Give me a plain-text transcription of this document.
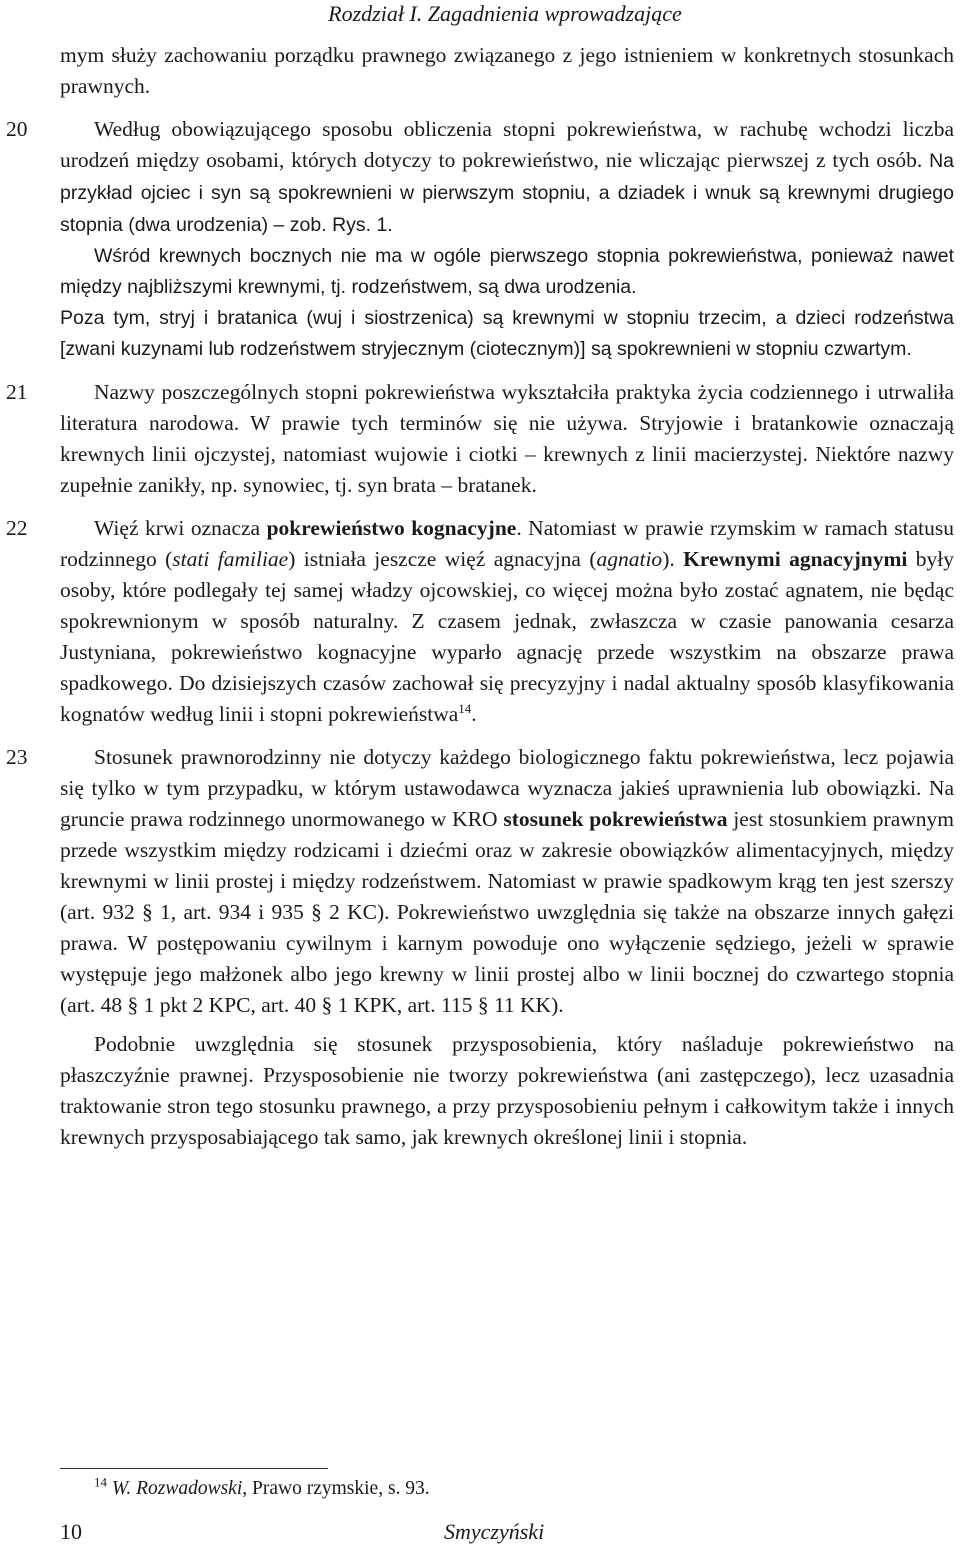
Rozdział I. Zagadnienia wprowadzające

mym służy zachowaniu porządku prawnego związanego z jego istnieniem w konkretnych stosunkach prawnych.

20	Według obowiązującego sposobu obliczenia stopni pokrewieństwa, w rachubę wchodzi liczba urodzeń między osobami, których dotyczy to pokrewieństwo, nie wliczając pierwszej z tych osób. Na przykład ojciec i syn są spokrewnieni w pierwszym stopniu, a dziadek i wnuk są krewnymi drugiego stopnia (dwa urodzenia) – zob. Rys. 1.

Wśród krewnych bocznych nie ma w ogóle pierwszego stopnia pokrewieństwa, ponieważ nawet między najbliższymi krewnymi, tj. rodzeństwem, są dwa urodzenia.

Poza tym, stryj i bratanica (wuj i siostrzenica) są krewnymi w stopniu trzecim, a dzieci rodzeństwa [zwani kuzynami lub rodzeństwem stryjecznym (ciotecznym)] są spokrewnieni w stopniu czwartym.

21	Nazwy poszczególnych stopni pokrewieństwa wykształciła praktyka życia codziennego i utrwaliła literatura narodowa. W prawie tych terminów się nie używa. Stryjowie i bratankowie oznaczają krewnych linii ojczystej, natomiast wujowie i ciotki – krewnych z linii macierzystej. Niektóre nazwy zupełnie zanikły, np. synowiec, tj. syn brata – bratanek.

22	Więź krwi oznacza pokrewieństwo kognacyjne. Natomiast w prawie rzymskim w ramach statusu rodzinnego (stati familiae) istniała jeszcze więź agnacyjna (agnatio). Krewnymi agnacyjnymi były osoby, które podlegały tej samej władzy ojcowskiej, co więcej można było zostać agnatem, nie będąc spokrewnionym w sposób naturalny. Z czasem jednak, zwłaszcza w czasie panowania cesarza Justyniana, pokrewieństwo kognacyjne wyparło agnację przede wszystkim na obszarze prawa spadkowego. Do dzisiejszych czasów zachował się precyzyjny i nadal aktualny sposób klasyfikowania kognatów według linii i stopni pokrewieństwa$^{14}$.

23	Stosunek prawnorodzinny nie dotyczy każdego biologicznego faktu pokrewieństwa, lecz pojawia się tylko w tym przypadku, w którym ustawodawca wyznacza jakieś uprawnienia lub obowiązki. Na gruncie prawa rodzinnego unormowanego w KRO stosunek pokrewieństwa jest stosunkiem prawnym przede wszystkim między rodzicami i dziećmi oraz w zakresie obowiązków alimentacyjnych, między krewnymi w linii prostej i między rodzeństwem. Natomiast w prawie spadkowym krąg ten jest szerszy (art. 932 § 1, art. 934 i 935 § 2 KC). Pokrewieństwo uwzględnia się także na obszarze innych gałęzi prawa. W postępowaniu cywilnym i karnym powoduje ono wyłączenie sędziego, jeżeli w sprawie występuje jego małżonek albo jego krewny w linii prostej albo w linii bocznej do czwartego stopnia (art. 48 § 1 pkt 2 KPC, art. 40 § 1 KPK, art. 115 § 11 KK).

Podobnie uwzględnia się stosunek przysposobienia, który naśladuje pokrewieństwo na płaszczyźnie prawnej. Przysposobienie nie tworzy pokrewieństwa (ani zastępczego), lecz uzasadnia traktowanie stron tego stosunku prawnego, a przy przysposobieniu pełnym i całkowitym także i innych krewnych przysposabiającego tak samo, jak krewnych określonej linii i stopnia.

$^{14}$ W. Rozwadowski, Prawo rzymskie, s. 93.
10	Smyczyński
